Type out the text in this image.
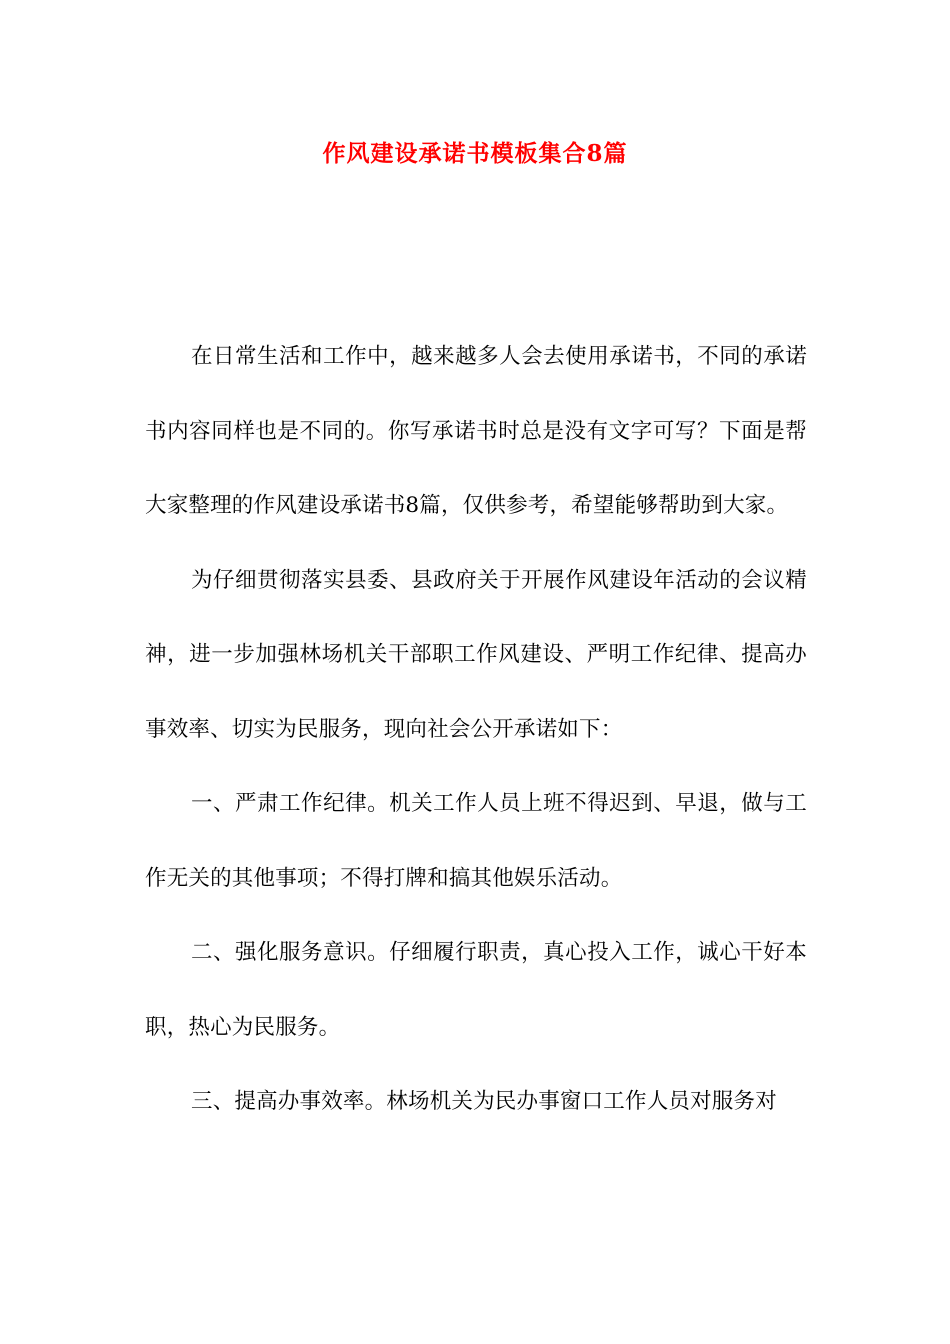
作风建设承诺书模板集合8篇

在日常生活和工作中，越来越多人会去使用承诺书，不同的承诺书内容同样也是不同的。你写承诺书时总是没有文字可写？下面是帮大家整理的作风建设承诺书8篇，仅供参考，希望能够帮助到大家。

为仔细贯彻落实县委、县政府关于开展作风建设年活动的会议精神，进一步加强林场机关干部职工作风建设、严明工作纪律、提高办事效率、切实为民服务，现向社会公开承诺如下：

一、严肃工作纪律。机关工作人员上班不得迟到、早退，做与工作无关的其他事项；不得打牌和搞其他娱乐活动。

二、强化服务意识。仔细履行职责，真心投入工作，诚心干好本职，热心为民服务。

三、提高办事效率。林场机关为民办事窗口工作人员对服务对
